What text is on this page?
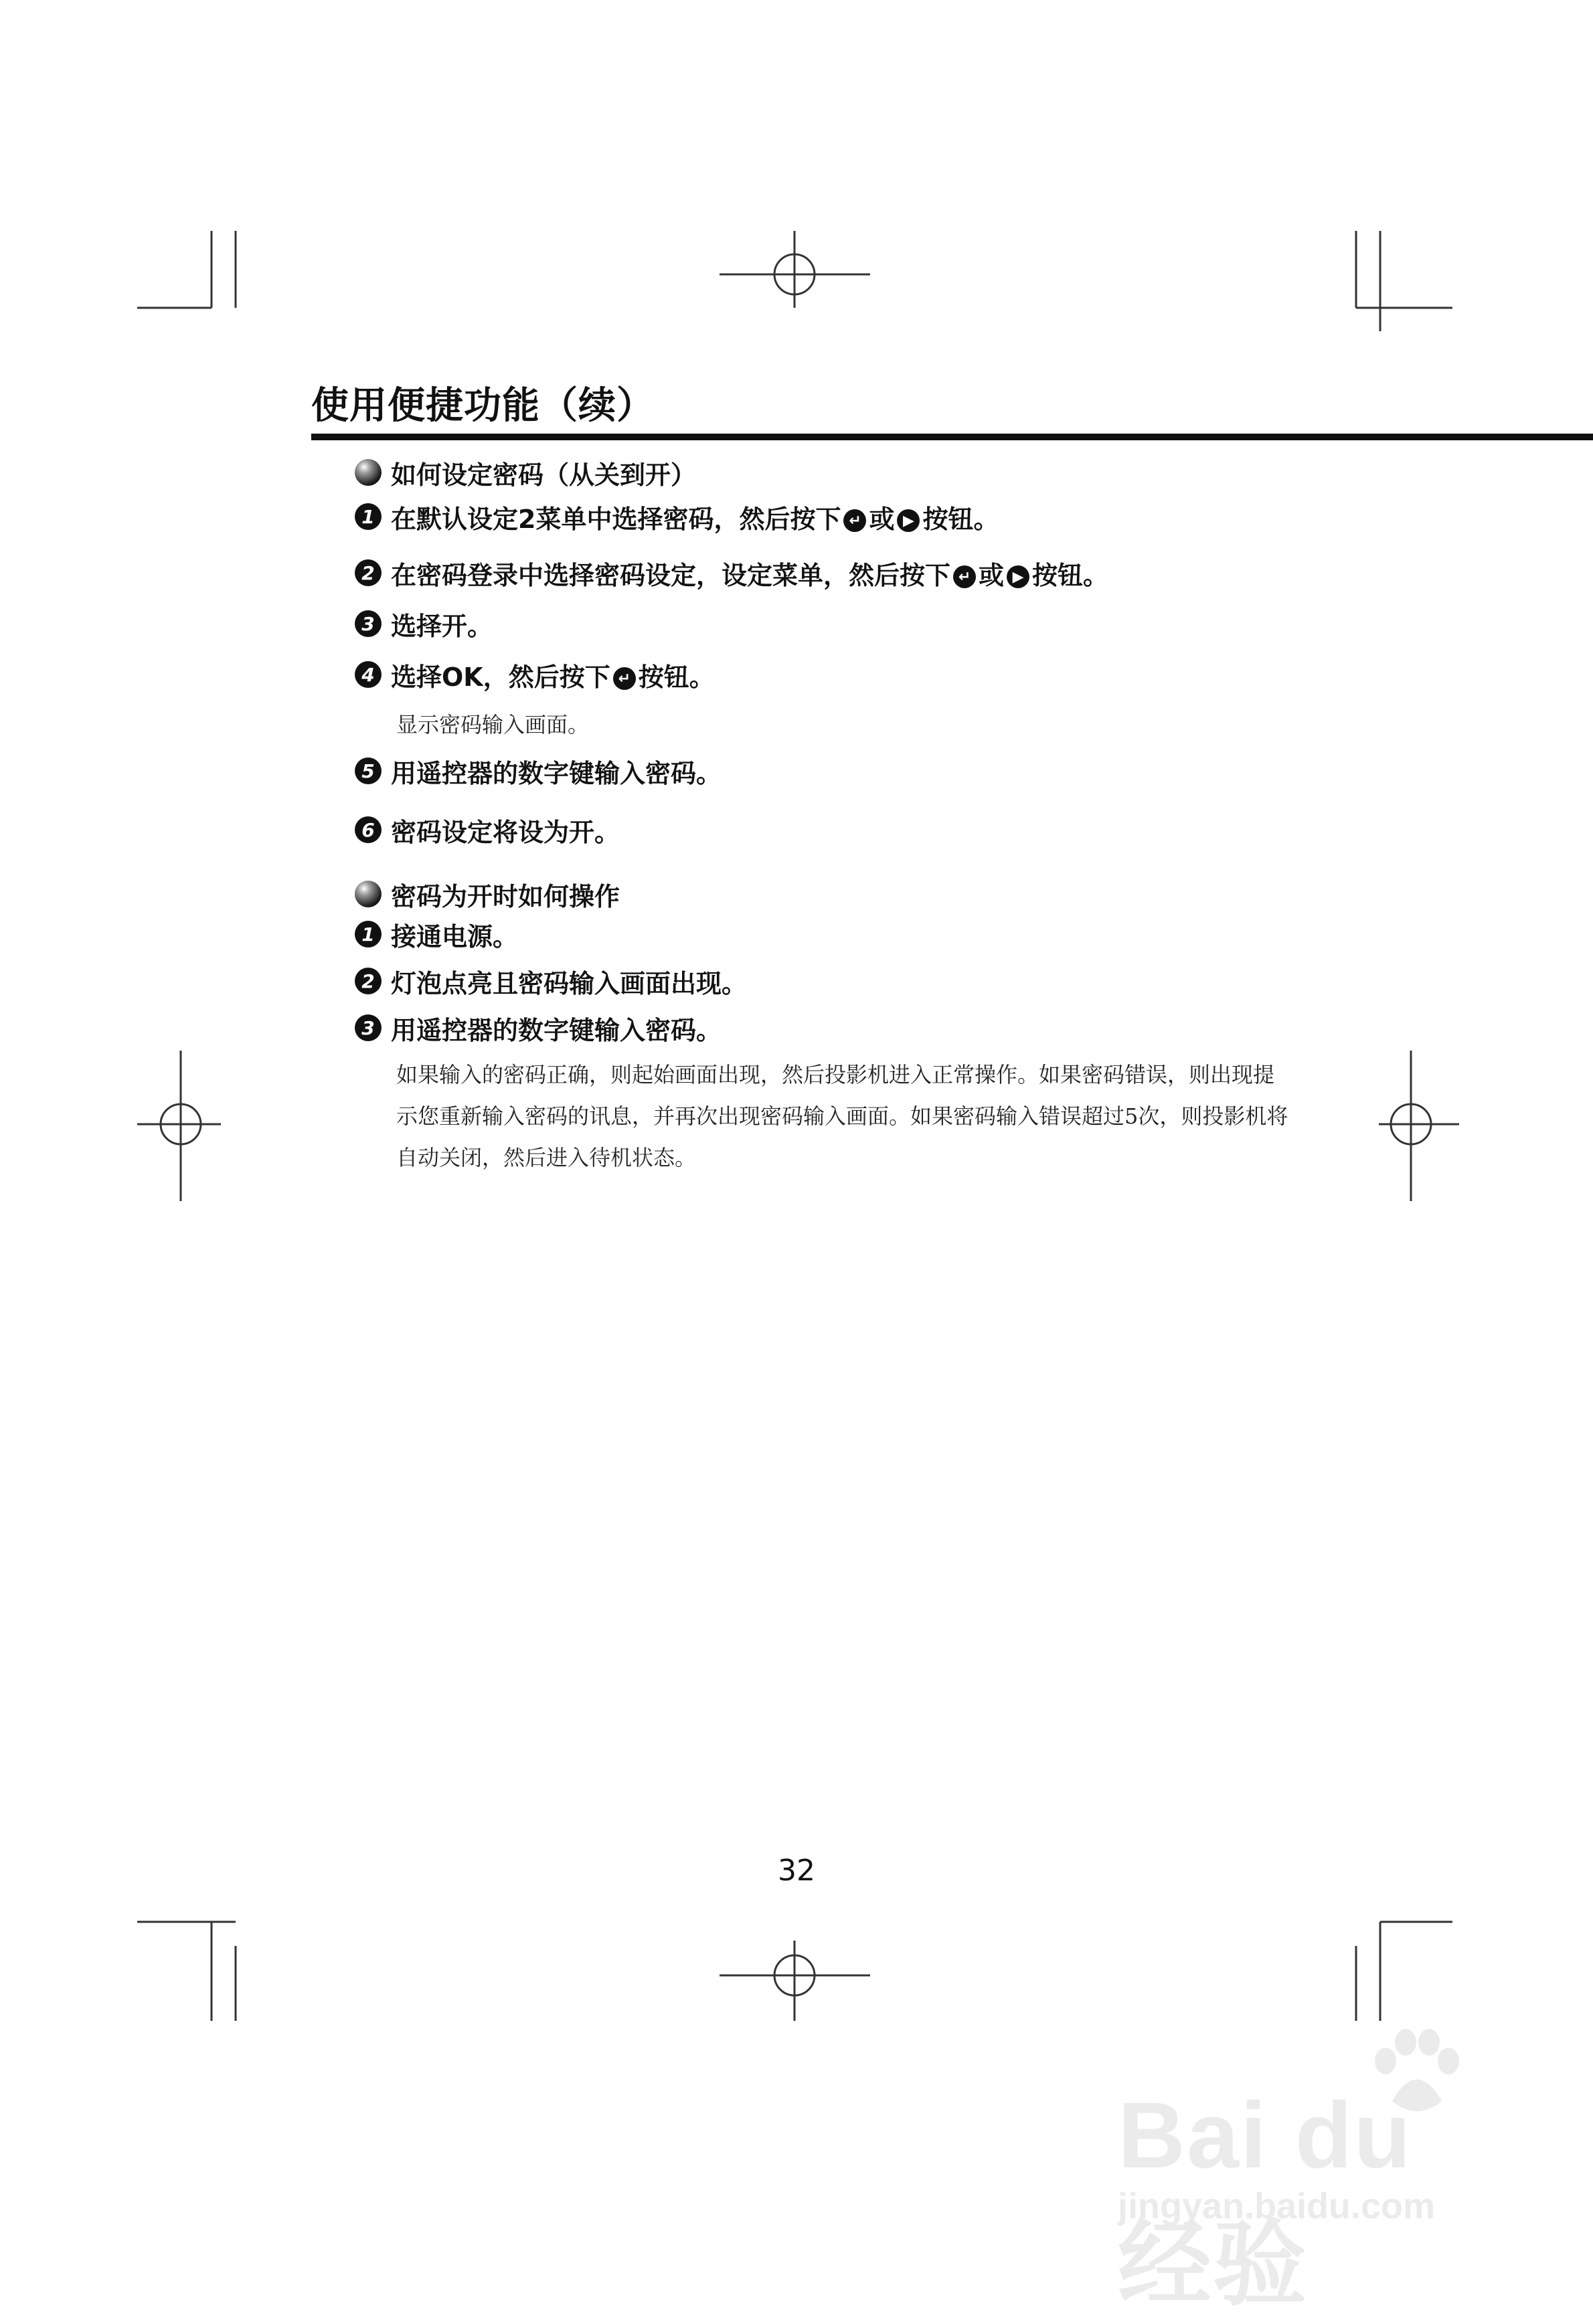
使用便捷功能（续）
如何设定密码（从关到开）
1 在默认设定2菜单中选择密码，然后按下 ↵ 或 ▶ 按钮。
2 在密码登录中选择密码设定，设定菜单，然后按下 ↵ 或 ▶ 按钮。
3 选择开。
4 选择OK，然后按下 ↵ 按钮。
显示密码输入画面。
5 用遥控器的数字键输入密码。
6 密码设定将设为开。
密码为开时如何操作
1 接通电源。
2 灯泡点亮且密码输入画面出现。
3 用遥控器的数字键输入密码。
如果输入的密码正确，则起始画面出现，然后投影机进入正常操作。如果密码错误，则出现提示您重新输入密码的讯息，并再次出现密码输入画面。如果密码输入错误超过5次，则投影机将自动关闭，然后进入待机状态。
32
Bai du 经验
jingyan.baidu.com
